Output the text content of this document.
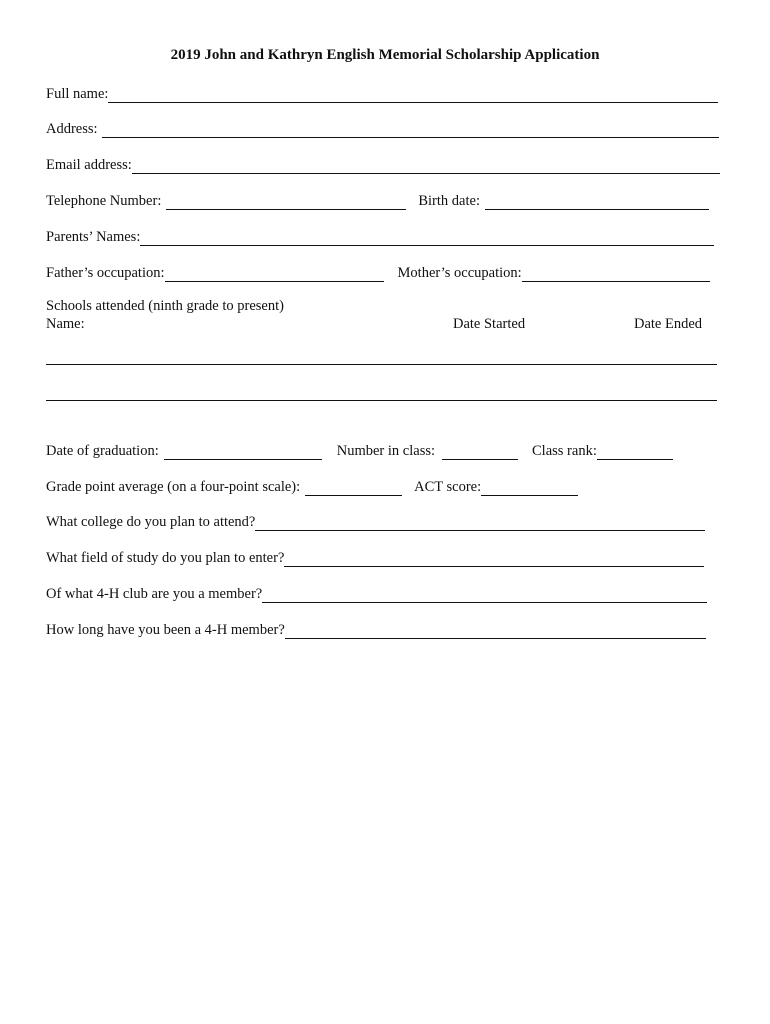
2019 John and Kathryn English Memorial Scholarship Application
Full name:
Address:
Email address:
Telephone Number:	Birth date:
Parents’ Names:
Father’s occupation:	Mother’s occupation:
Schools attended (ninth grade to present)
Name:	Date Started	Date Ended
Date of graduation:	Number in class:	Class rank:
Grade point average (on a four-point scale):	ACT score:
What college do you plan to attend?
What field of study do you plan to enter?
Of what 4-H club are you a member?
How long have you been a 4-H member?
